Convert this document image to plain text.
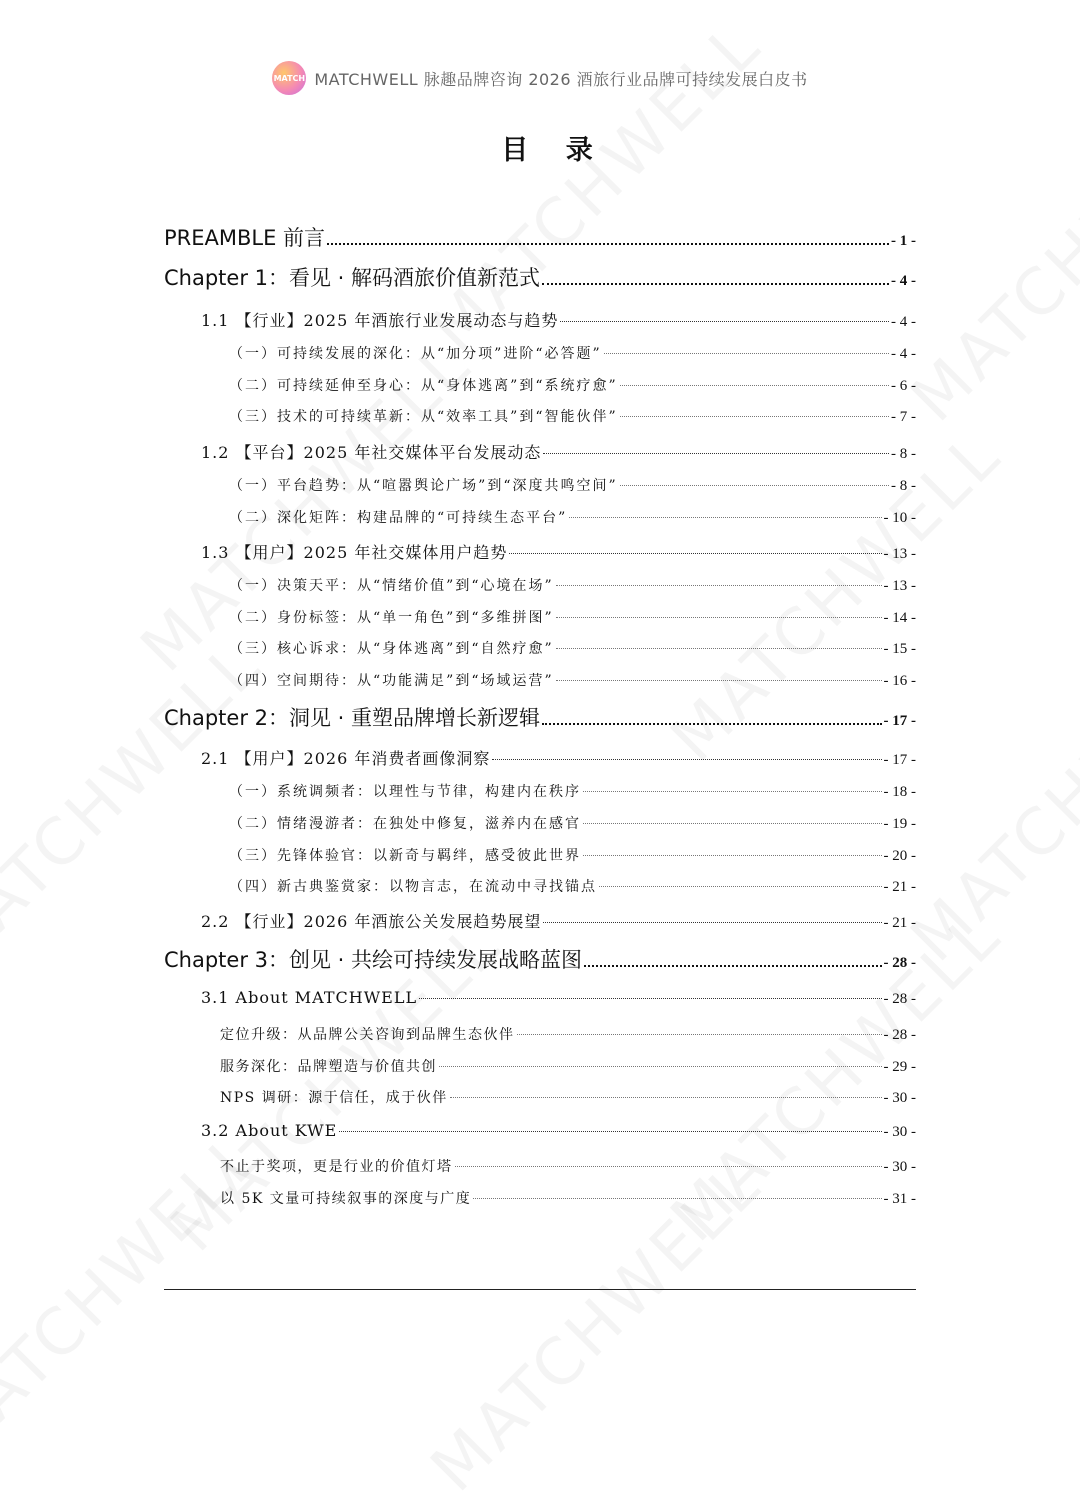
MATCH MATCHWELL 脉趣品牌咨询 2026 酒旅行业品牌可持续发展白皮书
目 录
PREAMBLE 前言	- 1 -
Chapter 1：看见 · 解码酒旅价值新范式	- 4 -
1.1 【行业】2025 年酒旅行业发展动态与趋势	- 4 -
（一）可持续发展的深化：从“加分项”进阶“必答题”	- 4 -
（二）可持续延伸至身心：从“身体逃离”到“系统疗愈”	- 6 -
（三）技术的可持续革新：从“效率工具”到“智能伙伴”	- 7 -
1.2 【平台】2025 年社交媒体平台发展动态	- 8 -
（一）平台趋势：从“喧嚣舆论广场”到“深度共鸣空间”	- 8 -
（二）深化矩阵：构建品牌的“可持续生态平台”	- 10 -
1.3 【用户】2025 年社交媒体用户趋势	- 13 -
（一）决策天平：从“情绪价值”到“心境在场”	- 13 -
（二）身份标签：从“单一角色”到“多维拼图”	- 14 -
（三）核心诉求：从“身体逃离”到“自然疗愈”	- 15 -
（四）空间期待：从“功能满足”到“场域运营”	- 16 -
Chapter 2：洞见 · 重塑品牌增长新逻辑	- 17 -
2.1 【用户】2026 年消费者画像洞察	- 17 -
（一）系统调频者：以理性与节律，构建内在秩序	- 18 -
（二）情绪漫游者：在独处中修复，滋养内在感官	- 19 -
（三）先锋体验官：以新奇与羁绊，感受彼此世界	- 20 -
（四）新古典鉴赏家：以物言志，在流动中寻找锚点	- 21 -
2.2 【行业】2026 年酒旅公关发展趋势展望	- 21 -
Chapter 3：创见 · 共绘可持续发展战略蓝图	- 28 -
3.1 About MATCHWELL	- 28 -
定位升级：从品牌公关咨询到品牌生态伙伴	- 28 -
服务深化：品牌塑造与价值共创	- 29 -
NPS 调研：源于信任，成于伙伴	- 30 -
3.2 About KWE	- 30 -
不止于奖项，更是行业的价值灯塔	- 30 -
以 5K 文量可持续叙事的深度与广度	- 31 -
